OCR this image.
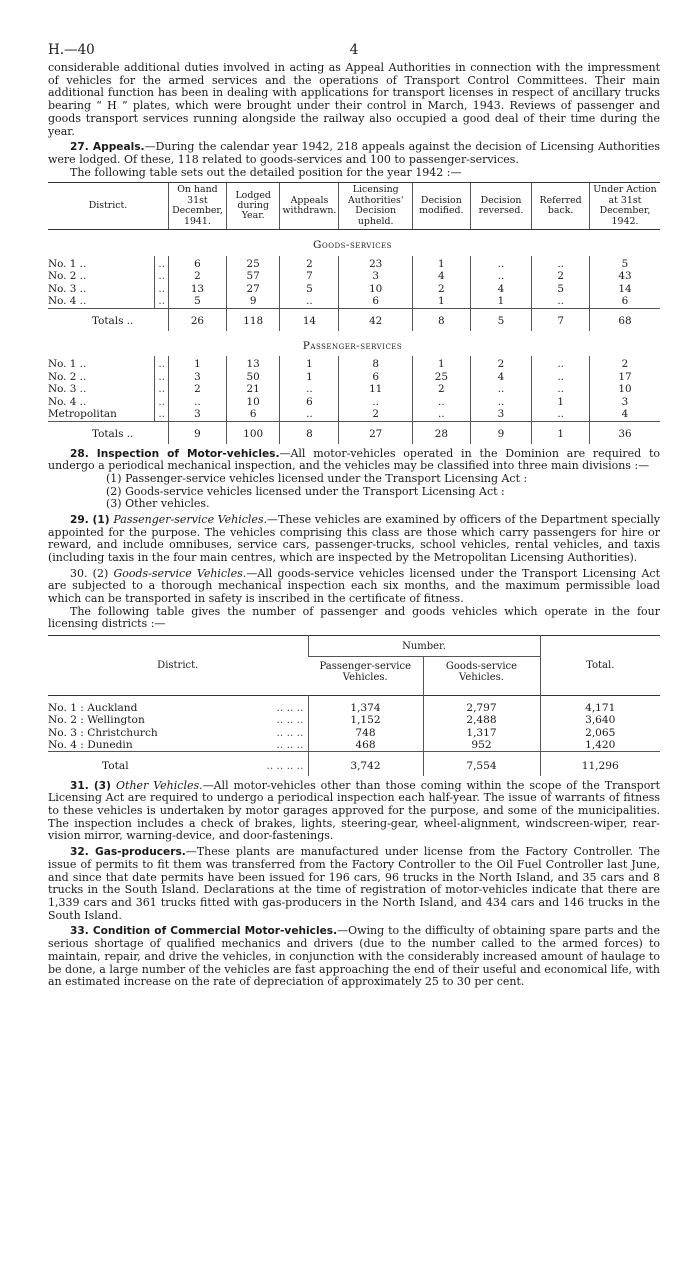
H.—40	4

considerable additional duties involved in acting as Appeal Authorities in connection with the impressment of vehicles for the armed services and the operations of Transport Control Committees. Their main additional function has been in dealing with applications for transport licenses in respect of ancillary trucks bearing “ H ” plates, which were brought under their control in March, 1943. Reviews of passenger and goods transport services running alongside the railway also occupied a good deal of their time during the year.

27. Appeals.—During the calendar year 1942, 218 appeals against the decision of Licensing Authorities were lodged. Of these, 118 related to goods-services and 100 to passenger-services.

The following table sets out the detailed position for the year 1942 :—

District.		On hand 31st December, 1941.	Lodged during Year.	Appeals withdrawn.	Licensing Authorities' Decision upheld.	Decision modified.	Decision reversed.	Referred back.	Under Action at 31st December, 1942.
Goods-services									
No. 1 ..	..	6	25	2	23	1	..	..	5
No. 2 ..	..	2	57	7	3	4	..	2	43
No. 3 ..	..	13	27	5	10	2	4	5	14
No. 4 ..	..	5	9	..	6	1	1	..	6
Totals ..		26	118	14	42	8	5	7	68
Passenger-services									
No. 1 ..	..	1	13	1	8	1	2	..	2
No. 2 ..	..	3	50	1	6	25	4	..	17
No. 3 ..	..	2	21	..	11	2	..	..	10
No. 4 ..	..	..	10	6	..	..	..	1	3
Metropolitan	..	3	6	..	2	..	3	..	4
Totals ..		9	100	8	27	28	9	1	36

28. Inspection of Motor-vehicles.—All motor-vehicles operated in the Dominion are required to undergo a periodical mechanical inspection, and the vehicles may be classified into three main divisions :—

(1) Passenger-service vehicles licensed under the Transport Licensing Act :
(2) Goods-service vehicles licensed under the Transport Licensing Act :
(3) Other vehicles.

29. (1) Passenger-service Vehicles.—These vehicles are examined by officers of the Department specially appointed for the purpose. The vehicles comprising this class are those which carry passengers for hire or reward, and include omnibuses, service cars, passenger-trucks, school vehicles, rental vehicles, and taxis (including taxis in the four main centres, which are inspected by the Metropolitan Licensing Authorities).

30. (2) Goods-service Vehicles.—All goods-service vehicles licensed under the Transport Licensing Act are subjected to a thorough mechanical inspection each six months, and the maximum permissible load which can be transported in safety is inscribed in the certificate of fitness.

The following table gives the number of passenger and goods vehicles which operate in the four licensing districts :—

District.		Number.		Total.
		Passenger-service Vehicles.	Goods-service Vehicles.	
No. 1 : Auckland	.. .. ..	1,374	2,797	4,171
No. 2 : Wellington	.. .. ..	1,152	2,488	3,640
No. 3 : Christchurch	.. .. ..	748	1,317	2,065
No. 4 : Dunedin	.. .. ..	468	952	1,420
Total	.. .. .. ..	3,742	7,554	11,296

31. (3) Other Vehicles.—All motor-vehicles other than those coming within the scope of the Transport Licensing Act are required to undergo a periodical inspection each half-year. The issue of warrants of fitness to these vehicles is undertaken by motor garages approved for the purpose, and some of the municipalities. The inspection includes a check of brakes, lights, steering-gear, wheel-alignment, windscreen-wiper, rear-vision mirror, warning-device, and door-fastenings.

32. Gas-producers.—These plants are manufactured under license from the Factory Controller. The issue of permits to fit them was transferred from the Factory Controller to the Oil Fuel Controller last June, and since that date permits have been issued for 196 cars, 96 trucks in the North Island, and 35 cars and 8 trucks in the South Island. Declarations at the time of registration of motor-vehicles indicate that there are 1,339 cars and 361 trucks fitted with gas-producers in the North Island, and 434 cars and 146 trucks in the South Island.

33. Condition of Commercial Motor-vehicles.—Owing to the difficulty of obtaining spare parts and the serious shortage of qualified mechanics and drivers (due to the number called to the armed forces) to maintain, repair, and drive the vehicles, in conjunction with the considerably increased amount of haulage to be done, a large number of the vehicles are fast approaching the end of their useful and economical life, with an estimated increase on the rate of depreciation of approximately 25 to 30 per cent.
